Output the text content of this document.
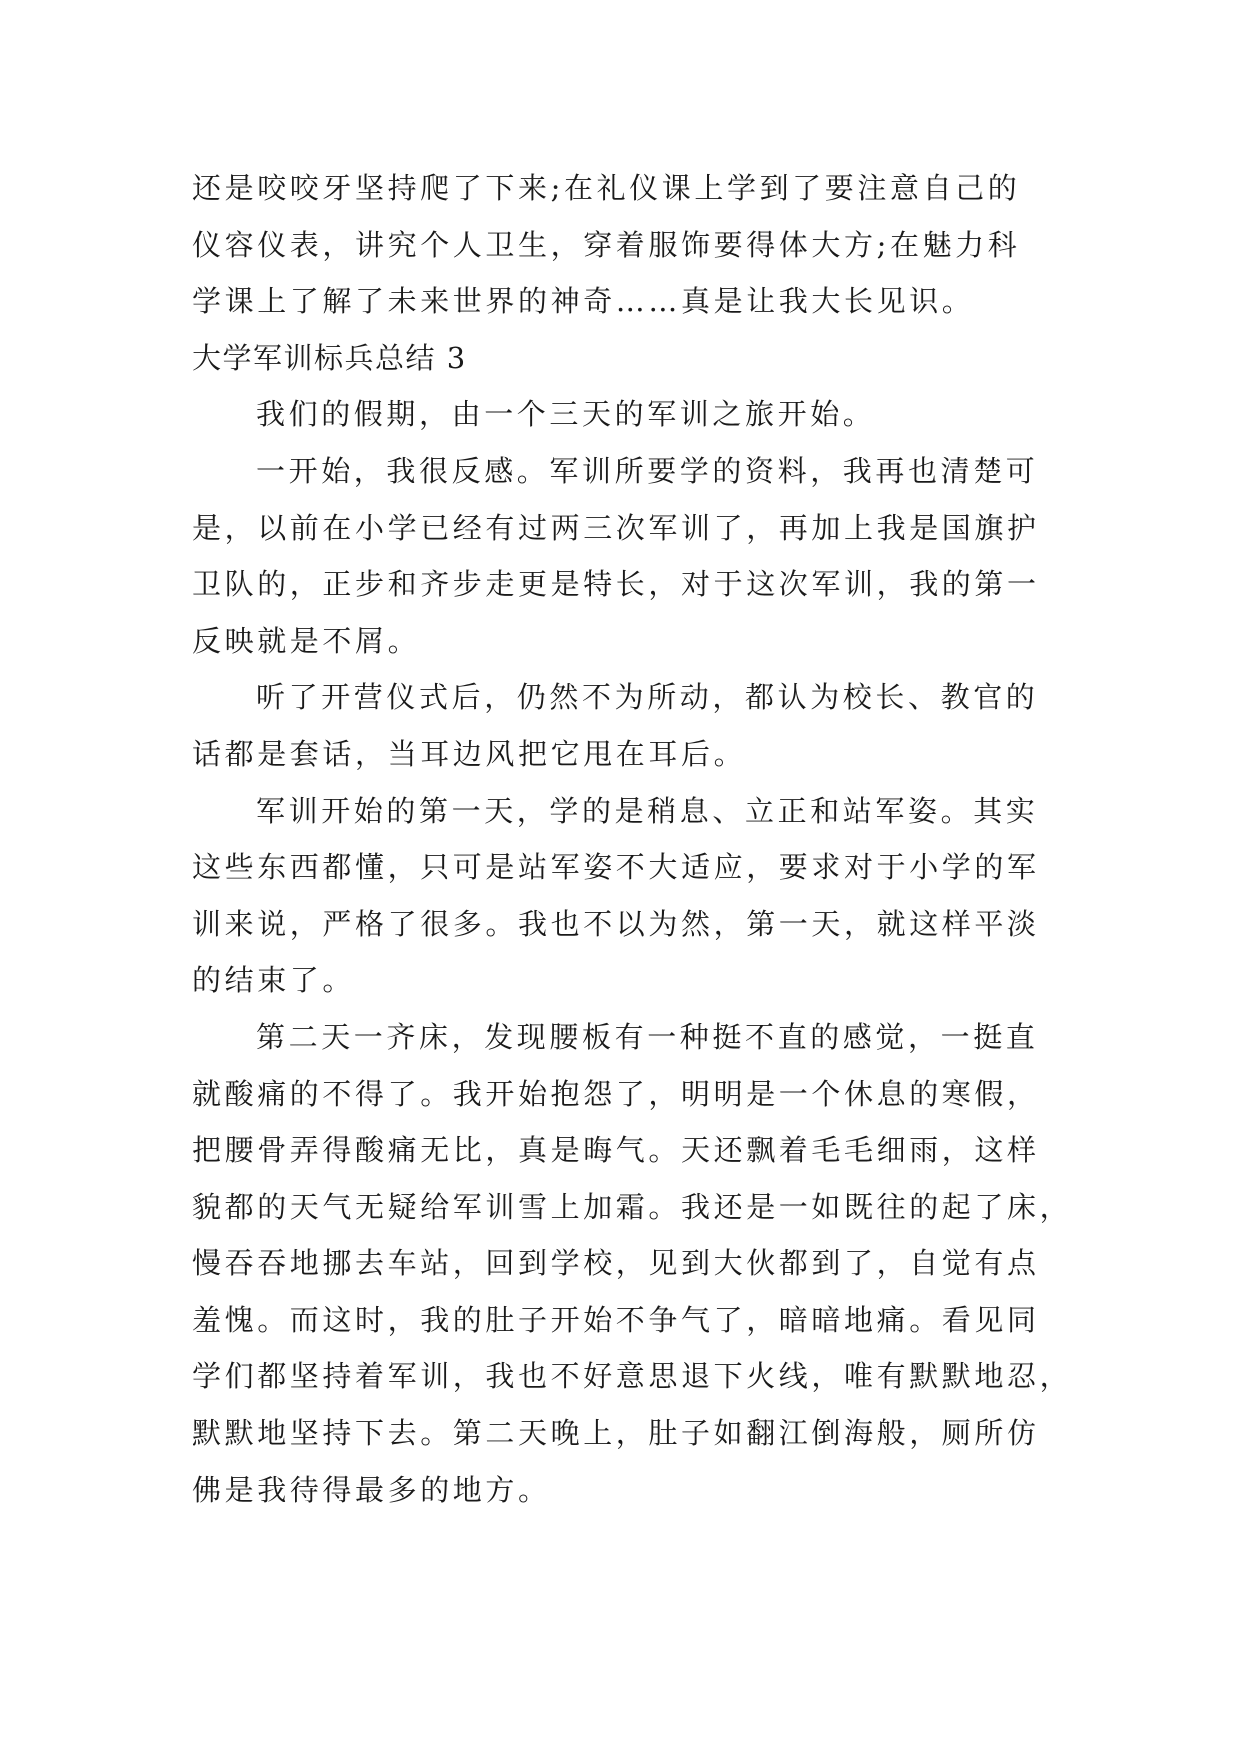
还是咬咬牙坚持爬了下来;在礼仪课上学到了要注意自己的
仪容仪表，讲究个人卫生，穿着服饰要得体大方;在魅力科
学课上了解了未来世界的神奇……真是让我大长见识。
大学军训标兵总结 3
我们的假期，由一个三天的军训之旅开始。
一开始，我很反感。军训所要学的资料，我再也清楚可
是，以前在小学已经有过两三次军训了，再加上我是国旗护
卫队的，正步和齐步走更是特长，对于这次军训，我的第一
反映就是不屑。
听了开营仪式后，仍然不为所动，都认为校长、教官的
话都是套话，当耳边风把它甩在耳后。
军训开始的第一天，学的是稍息、立正和站军姿。其实
这些东西都懂，只可是站军姿不大适应，要求对于小学的军
训来说，严格了很多。我也不以为然，第一天，就这样平淡
的结束了。
第二天一齐床，发现腰板有一种挺不直的感觉，一挺直
就酸痛的不得了。我开始抱怨了，明明是一个休息的寒假，
把腰骨弄得酸痛无比，真是晦气。天还飘着毛毛细雨，这样
貌都的天气无疑给军训雪上加霜。我还是一如既往的起了床，
慢吞吞地挪去车站，回到学校，见到大伙都到了，自觉有点
羞愧。而这时，我的肚子开始不争气了，暗暗地痛。看见同
学们都坚持着军训，我也不好意思退下火线，唯有默默地忍，
默默地坚持下去。第二天晚上，肚子如翻江倒海般，厕所仿
佛是我待得最多的地方。
